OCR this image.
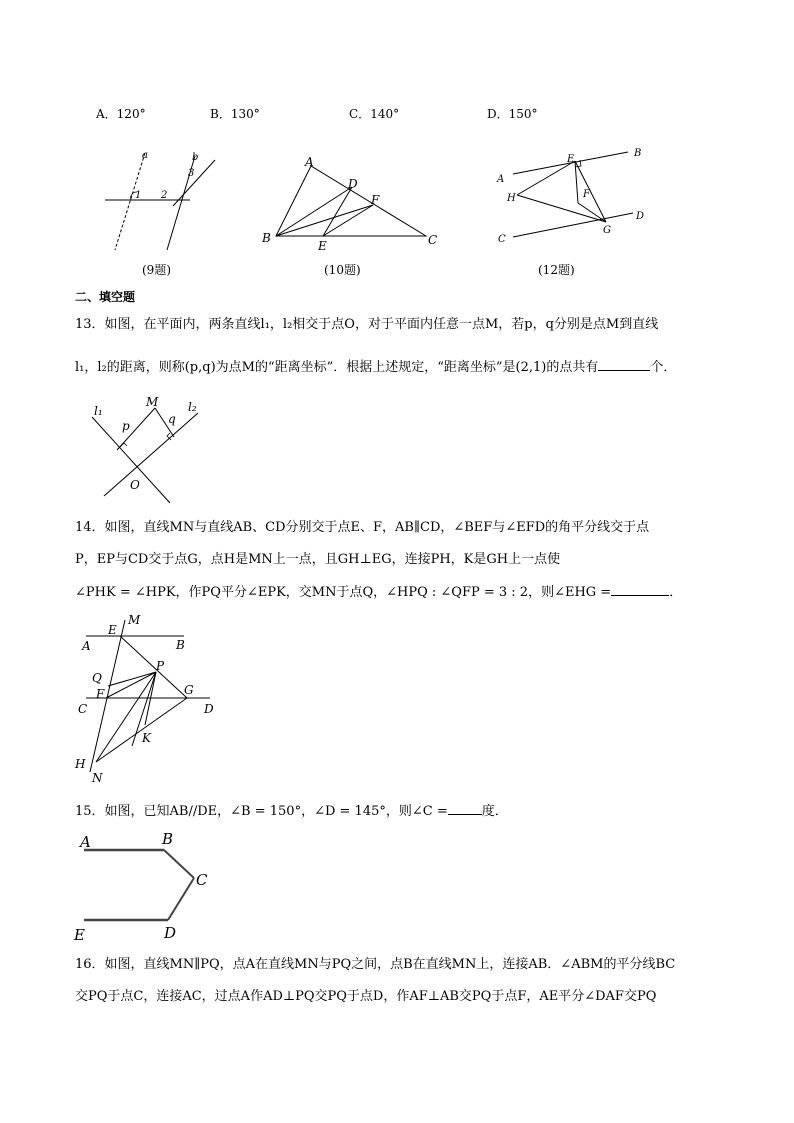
A．120°	B．130°	C．140°	D．150°
a	b
1 2
3
A
B	C
D
E
F
A
B
C
D
E
F
G
H
(9题)	(10题)	(12题)
二、填空题
13．如图，在平面内，两条直线l₁，l₂相交于点O，对于平面内任意一点M，若p，q分别是点M到直线
l₁，l₂的距离，则称(p,q)为点M的“距离坐标”．根据上述规定，“距离坐标”是(2,1)的点共有	个．
l₁	l₂
M
p	q
O
14．如图，直线MN与直线AB、CD分别交于点E、F，AB∥CD，∠BEF与∠EFD的角平分线交于点
P，EP与CD交于点G，点H是MN上一点，且GH⊥EG，连接PH，K是GH上一点使
∠PHK = ∠HPK，作PQ平分∠EPK，交MN于点Q，∠HPQ : ∠QFP = 3 : 2，则∠EHG =	．
M
E
B
A
P
Q
F	G
C	D
K
H
N
15．如图，已知AB//DE，∠B = 150°，∠D = 145°，则∠C =	度．
A	B
C
D
E
16．如图，直线MN∥PQ，点A在直线MN与PQ之间，点B在直线MN上，连接AB．∠ABM的平分线BC
交PQ于点C，连接AC，过点A作AD⊥PQ交PQ于点D，作AF⊥AB交PQ于点F，AE平分∠DAF交PQ
